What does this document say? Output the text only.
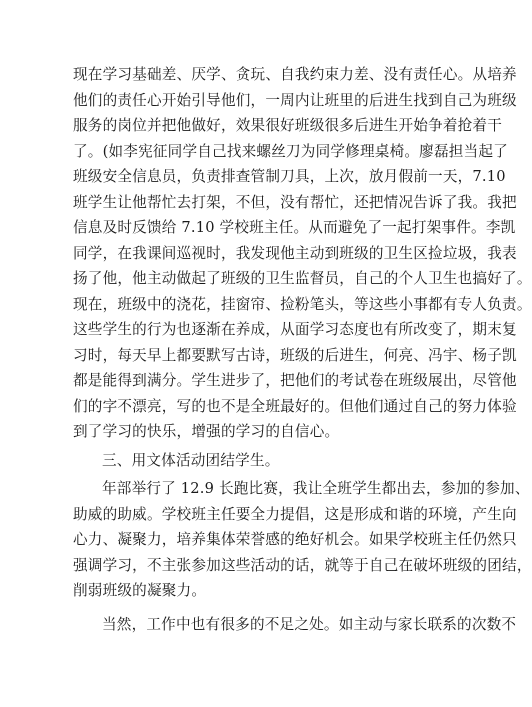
现在学习基础差、厌学、贪玩、自我约束力差、没有责任心。从培养
他们的责任心开始引导他们，一周内让班里的后进生找到自己为班级
服务的岗位并把他做好，效果很好班级很多后进生开始争着抢着干
了。(如李宪征同学自己找来螺丝刀为同学修理桌椅。廖磊担当起了
班级安全信息员，负责排查管制刀具，上次，放月假前一天，7.10
班学生让他帮忙去打架，不但，没有帮忙，还把情况告诉了我。我把
信息及时反馈给 7.10 学校班主任。从而避免了一起打架事件。李凯
同学，在我课间巡视时，我发现他主动到班级的卫生区捡垃圾，我表
扬了他，他主动做起了班级的卫生监督员，自己的个人卫生也搞好了。
现在，班级中的浇花，挂窗帘、捡粉笔头，等这些小事都有专人负责。
这些学生的行为也逐渐在养成，从面学习态度也有所改变了，期末复
习时，每天早上都要默写古诗，班级的后进生，何亮、冯宇、杨子凯
都是能得到满分。学生进步了，把他们的考试卷在班级展出，尽管他
们的字不漂亮，写的也不是全班最好的。但他们通过自己的努力体验
到了学习的快乐，增强的学习的自信心。
三、用文体活动团结学生。
年部举行了 12.9 长跑比赛，我让全班学生都出去，参加的参加、
助威的助威。学校班主任要全力提倡，这是形成和谐的环境，产生向
心力、凝聚力，培养集体荣誉感的绝好机会。如果学校班主任仍然只
强调学习，不主张参加这些活动的话，就等于自己在破坏班级的团结，
削弱班级的凝聚力。
当然，工作中也有很多的不足之处。如主动与家长联系的次数不
